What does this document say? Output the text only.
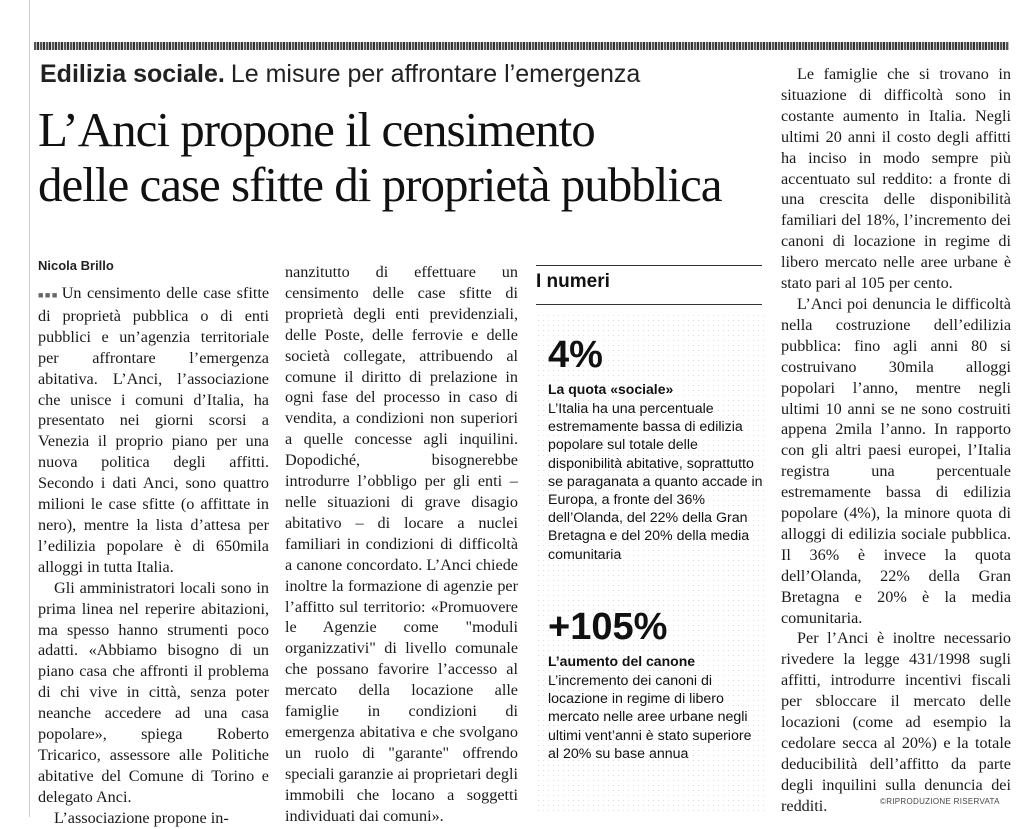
Edilizia sociale. Le misure per affrontare l’emergenza
L’Anci propone il censimento
delle case sfitte di proprietà pubblica
Nicola Brillo

■■■ Un censimento delle case sfitte di proprietà pubblica o di enti pubblici e un’agenzia territoriale per affrontare l’emergenza abitativa. L’Anci, l’associazione che unisce i comuni d’Italia, ha presentato nei giorni scorsi a Venezia il proprio piano per una nuova politica degli affitti. Secondo i dati Anci, sono quattro milioni le case sfitte (o affittate in nero), mentre la lista d’attesa per l’edilizia popolare è di 650mila alloggi in tutta Italia.

Gli amministratori locali sono in prima linea nel reperire abitazioni, ma spesso hanno strumenti poco adatti. «Abbiamo bisogno di un piano casa che affronti il problema di chi vive in città, senza poter neanche accedere ad una casa popolare», spiega Roberto Tricarico, assessore alle Politiche abitative del Comune di Torino e delegato Anci.

L’associazione propone in-

nanzitutto di effettuare un censimento delle case sfitte di proprietà degli enti previdenziali, delle Poste, delle ferrovie e delle società collegate, attribuendo al comune il diritto di prelazione in ogni fase del processo in caso di vendita, a condizioni non superiori a quelle concesse agli inquilini. Dopodiché, bisognerebbe introdurre l’obbligo per gli enti – nelle situazioni di grave disagio abitativo – di locare a nuclei familiari in condizioni di difficoltà a canone concordato. L’Anci chiede inoltre la formazione di agenzie per l’affitto sul territorio: «Promuovere le Agenzie come "moduli organizzativi" di livello comunale che possano favorire l’accesso al mercato della locazione alle famiglie in condizioni di emergenza abitativa e che svolgano un ruolo di "garante" offrendo speciali garanzie ai proprietari degli immobili che locano a soggetti individuati dai comuni».

I numeri
4%
La quota «sociale»
L’Italia ha una percentuale estremamente bassa di edilizia popolare sul totale delle disponibilità abitative, soprattutto se paraganata a quanto accade in Europa, a fronte del 36% dell’Olanda, del 22% della Gran Bretagna e del 20% della media comunitaria
+105%
L’aumento del canone
L’incremento dei canoni di locazione in regime di libero mercato nelle aree urbane negli ultimi vent’anni è stato superiore al 20% su base annua

Le famiglie che si trovano in situazione di difficoltà sono in costante aumento in Italia. Negli ultimi 20 anni il costo degli affitti ha inciso in modo sempre più accentuato sul reddito: a fronte di una crescita delle disponibilità familiari del 18%, l’incremento dei canoni di locazione in regime di libero mercato nelle aree urbane è stato pari al 105 per cento.

L’Anci poi denuncia le difficoltà nella costruzione dell’edilizia pubblica: fino agli anni 80 si costruivano 30mila alloggi popolari l’anno, mentre negli ultimi 10 anni se ne sono costruiti appena 2mila l’anno. In rapporto con gli altri paesi europei, l’Italia registra una percentuale estremamente bassa di edilizia popolare (4%), la minore quota di alloggi di edilizia sociale pubblica. Il 36% è invece la quota dell’Olanda, 22% della Gran Bretagna e 20% è la media comunitaria.

Per l’Anci è inoltre necessario rivedere la legge 431/1998 sugli affitti, introdurre incentivi fiscali per sbloccare il mercato delle locazioni (come ad esempio la cedolare secca al 20%) e la totale deducibilità dell’affitto da parte degli inquilini sulla denuncia dei redditi.	©RIPRODUZIONE RISERVATA
